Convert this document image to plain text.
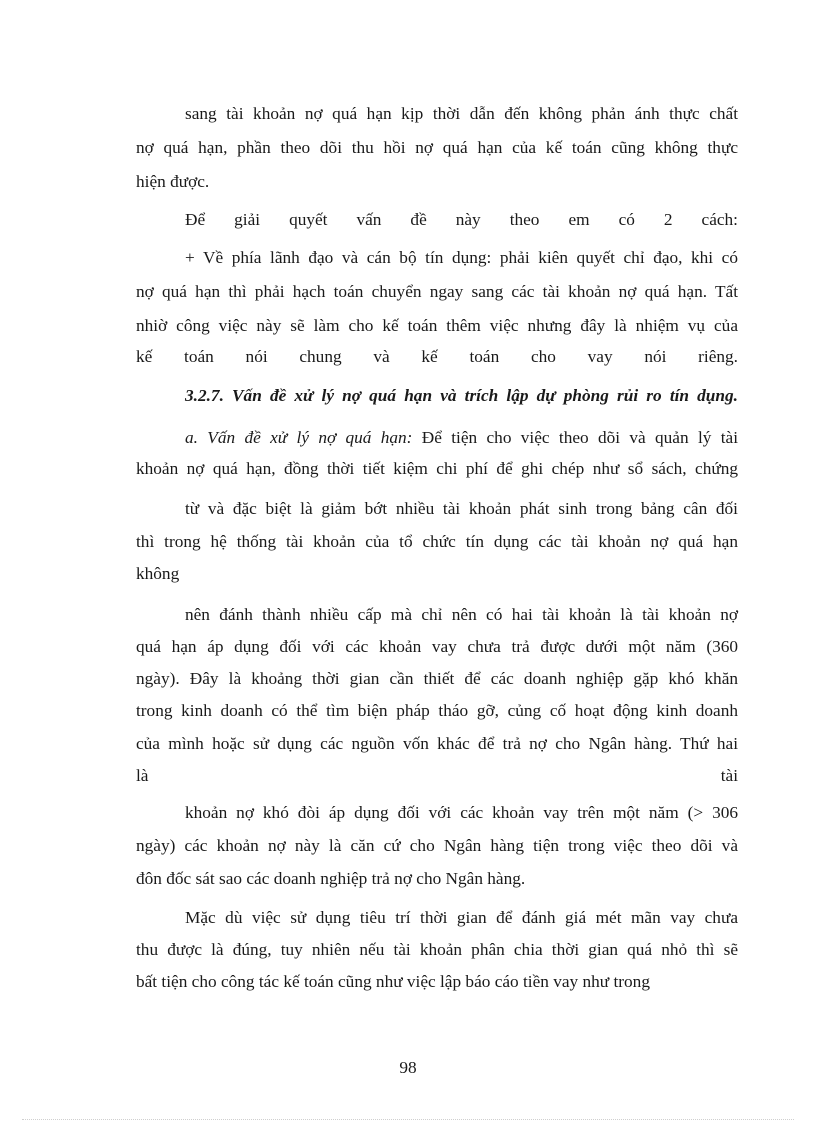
sang tài khoản nợ quá hạn kịp thời dẫn đến không phản ánh thực chất
nợ quá hạn, phần theo dõi thu hồi nợ quá hạn của kế toán cũng không thực
hiện được.
Để giải quyết vấn đề này theo em có 2 cách:
+ Về phía lãnh đạo và cán bộ tín dụng: phải kiên quyết chỉ đạo, khi có
nợ quá hạn thì phải hạch toán chuyển ngay sang các tài khoản nợ quá hạn. Tất
nhiờ công việc này sẽ làm cho kế toán thêm việc nhưng đây là nhiệm vụ của
kế toán nói chung và kế toán cho vay nói riêng.
3.2.7. Vấn đề xử lý nợ quá hạn và trích lập dự phòng rủi ro tín dụng.
a. Vấn đề xử lý nợ quá hạn: Để tiện cho việc theo dõi và quản lý tài
khoản nợ quá hạn, đồng thời tiết kiệm chi phí để ghi chép như sổ sách, chứng
từ và đặc biệt là giảm bớt nhiều tài khoản phát sinh trong bảng cân đối
thì trong hệ thống tài khoản của tổ chức tín dụng các tài khoản nợ quá hạn
không
nên đánh thành nhiều cấp mà chỉ nên có hai tài khoản là tài khoản nợ
quá hạn áp dụng đối với các khoản vay chưa trả được dưới một năm (360
ngày). Đây là khoảng thời gian cần thiết để các doanh nghiệp gặp khó khăn
trong kinh doanh có thể tìm biện pháp tháo gỡ, củng cố hoạt động kinh doanh
của mình hoặc sử dụng các nguồn vốn khác để trả nợ cho Ngân hàng. Thứ hai
là	tài
khoản nợ khó đòi áp dụng đối với các khoản vay trên một năm (> 306
ngày) các khoản nợ này là căn cứ cho Ngân hàng tiện trong việc theo dõi và
đôn đốc sát sao các doanh nghiệp trả nợ cho Ngân hàng.
Mặc dù việc sử dụng tiêu trí thời gian để đánh giá mét mãn vay chưa
thu được là đúng, tuy nhiên nếu tài khoản phân chia thời gian quá nhỏ thì sẽ
bất tiện cho công tác kế toán cũng như việc lập báo cáo tiền vay như trong
98
